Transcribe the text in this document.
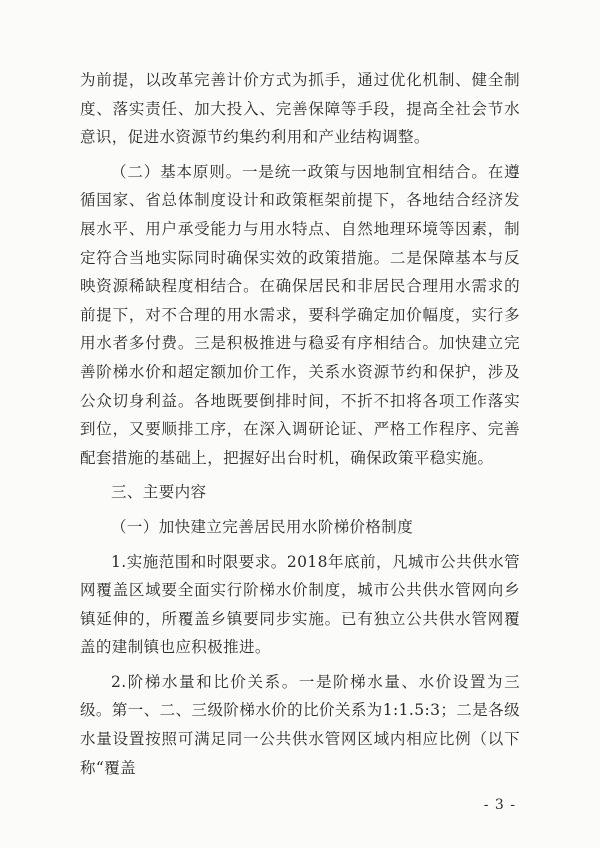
为前提，以改革完善计价方式为抓手，通过优化机制、健全制度、落实责任、加大投入、完善保障等手段，提高全社会节水意识，促进水资源节约集约利用和产业结构调整。

（二）基本原则。一是统一政策与因地制宜相结合。在遵循国家、省总体制度设计和政策框架前提下，各地结合经济发展水平、用户承受能力与用水特点、自然地理环境等因素，制定符合当地实际同时确保实效的政策措施。二是保障基本与反映资源稀缺程度相结合。在确保居民和非居民合理用水需求的前提下，对不合理的用水需求，要科学确定加价幅度，实行多用水者多付费。三是积极推进与稳妥有序相结合。加快建立完善阶梯水价和超定额加价工作，关系水资源节约和保护，涉及公众切身利益。各地既要倒排时间，不折不扣将各项工作落实到位，又要顺排工序，在深入调研论证、严格工作程序、完善配套措施的基础上，把握好出台时机，确保政策平稳实施。

三、主要内容

（一）加快建立完善居民用水阶梯价格制度

1.实施范围和时限要求。2018年底前，凡城市公共供水管网覆盖区域要全面实行阶梯水价制度，城市公共供水管网向乡镇延伸的，所覆盖乡镇要同步实施。已有独立公共供水管网覆盖的建制镇也应积极推进。

2.阶梯水量和比价关系。一是阶梯水量、水价设置为三级。第一、二、三级阶梯水价的比价关系为1:1.5:3；二是各级水量设置按照可满足同一公共供水管网区域内相应比例（以下称“覆盖

- 3 -
